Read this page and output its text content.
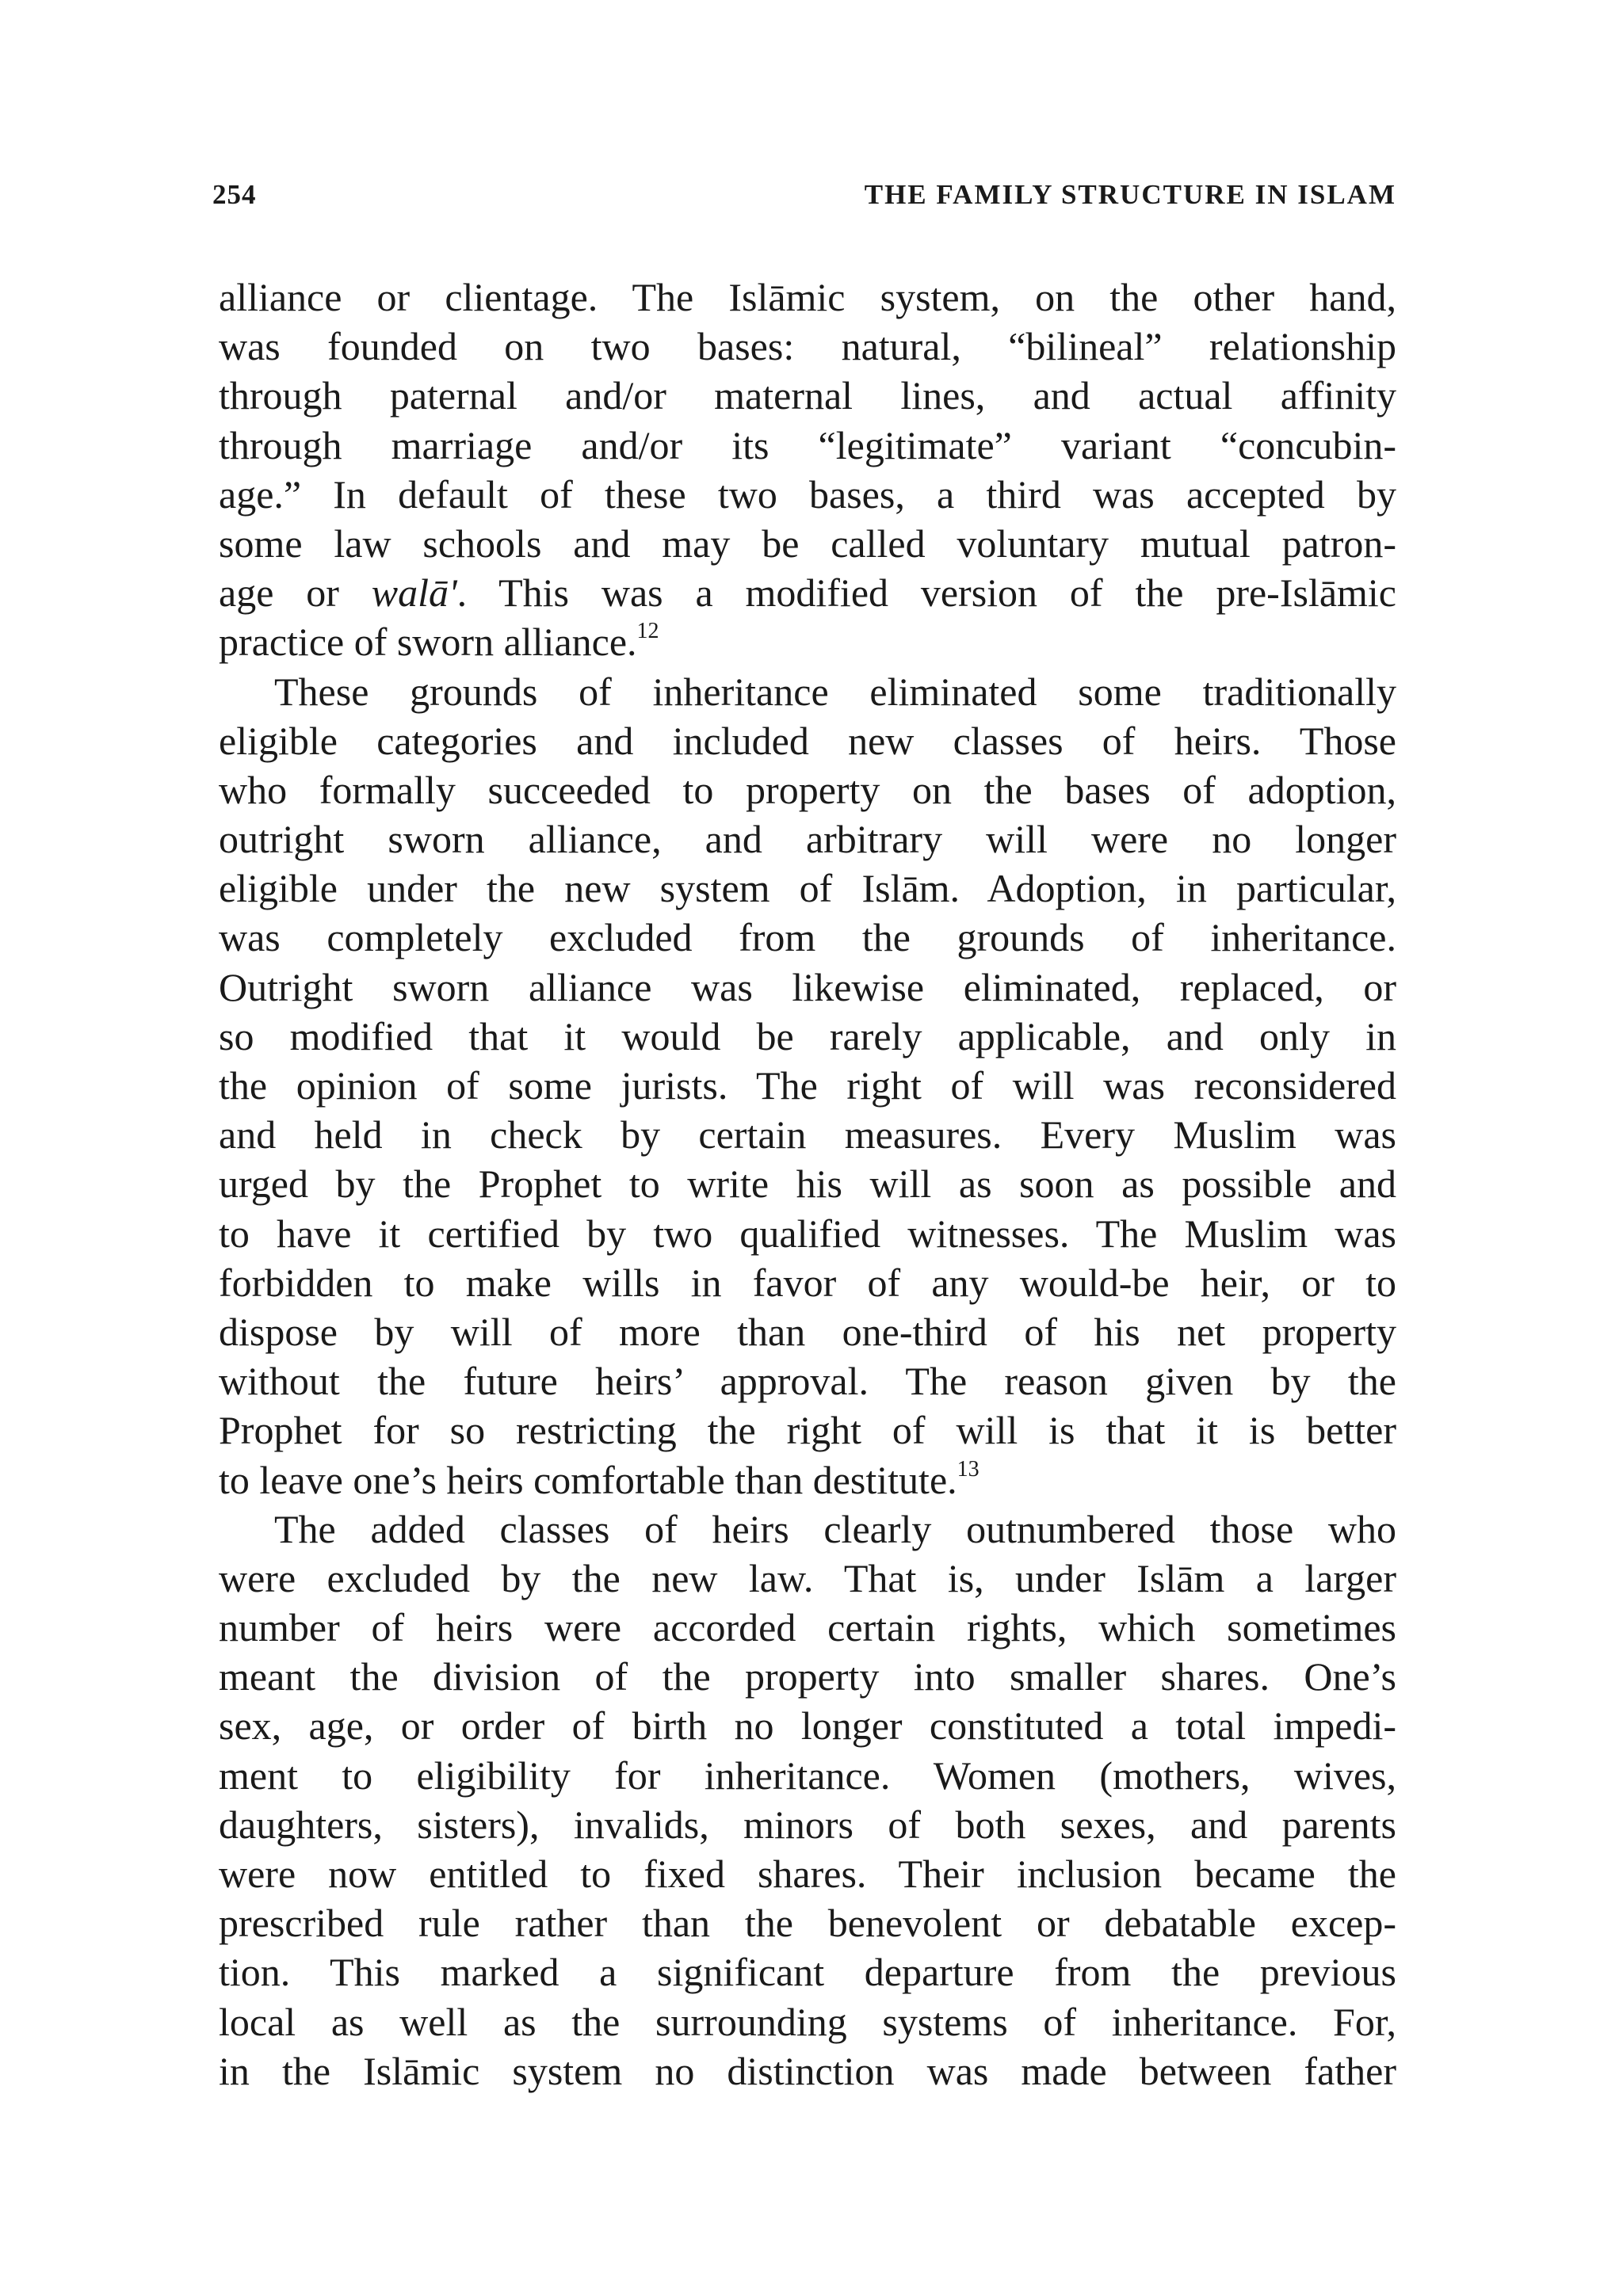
254	THE FAMILY STRUCTURE IN ISLAM
alliance or clientage. The Islāmic system, on the other hand,
was founded on two bases: natural, “bilineal” relationship
through paternal and/or maternal lines, and actual affinity
through marriage and/or its “legitimate” variant “concubin-
age.” In default of these two bases, a third was accepted by
some law schools and may be called voluntary mutual patron-
age or walā'. This was a modified version of the pre-Islāmic
practice of sworn alliance.$^{12}$
These grounds of inheritance eliminated some traditionally
eligible categories and included new classes of heirs. Those
who formally succeeded to property on the bases of adoption,
outright sworn alliance, and arbitrary will were no longer
eligible under the new system of Islām. Adoption, in particular,
was completely excluded from the grounds of inheritance.
Outright sworn alliance was likewise eliminated, replaced, or
so modified that it would be rarely applicable, and only in
the opinion of some jurists. The right of will was reconsidered
and held in check by certain measures. Every Muslim was
urged by the Prophet to write his will as soon as possible and
to have it certified by two qualified witnesses. The Muslim was
forbidden to make wills in favor of any would-be heir, or to
dispose by will of more than one-third of his net property
without the future heirs’ approval. The reason given by the
Prophet for so restricting the right of will is that it is better
to leave one’s heirs comfortable than destitute.$^{13}$
The added classes of heirs clearly outnumbered those who
were excluded by the new law. That is, under Islām a larger
number of heirs were accorded certain rights, which sometimes
meant the division of the property into smaller shares. One’s
sex, age, or order of birth no longer constituted a total impedi-
ment to eligibility for inheritance. Women (mothers, wives,
daughters, sisters), invalids, minors of both sexes, and parents
were now entitled to fixed shares. Their inclusion became the
prescribed rule rather than the benevolent or debatable excep-
tion. This marked a significant departure from the previous
local as well as the surrounding systems of inheritance. For,
in the Islāmic system no distinction was made between father
